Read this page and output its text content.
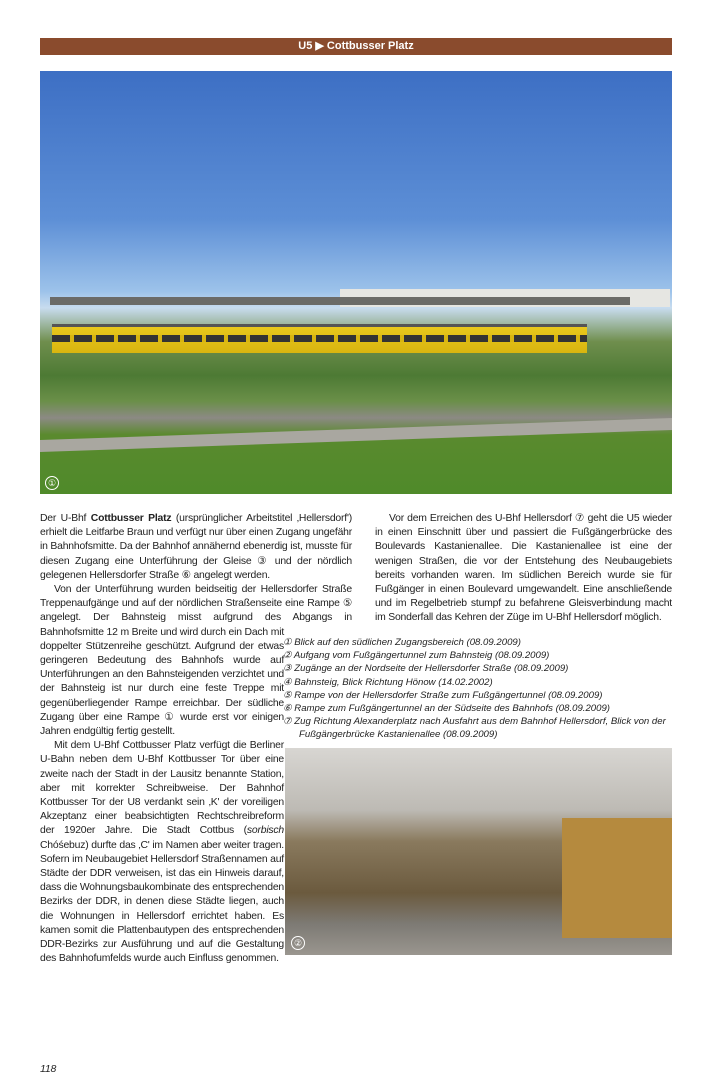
U5 ▶ Cottbusser Platz
①

Der U-Bhf Cottbusser Platz (ursprünglicher Arbeitstitel ‚Hellersdorf') erhielt die Leitfarbe Braun und verfügt nur über einen Zugang ungefähr in Bahnhofsmitte. Da der Bahnhof annähernd ebenerdig ist, musste für diesen Zugang eine Unterführung der Gleise ③ und der nördlich gelegenen Hellersdorfer Straße ⑥ angelegt werden.

Von der Unterführung wurden beidseitig der Hellersdorfer Straße Treppenaufgänge und auf der nördlichen Straßenseite eine Rampe ⑤ angelegt. Der Bahnsteig misst aufgrund des Abgangs in Bahnhofsmitte 12 m Breite und wird durch ein Dach mit doppelter Stützenreihe geschützt. Aufgrund der etwas geringeren Bedeutung des Bahnhofs wurde auf Unterführungen an den Bahnsteigenden verzichtet und der Bahnsteig ist nur durch eine feste Treppe mit gegenüberliegender Rampe erreichbar. Der südliche Zugang über eine Rampe ① wurde erst vor einigen Jahren endgültig fertig gestellt.

Mit dem U-Bhf Cottbusser Platz verfügt die Berliner U-Bahn neben dem U-Bhf Kottbusser Tor über eine zweite nach der Stadt in der Lausitz benannte Station, aber mit korrekter Schreibweise. Der Bahnhof Kottbusser Tor der U8 verdankt sein ‚K' der voreiligen Akzeptanz einer beabsichtigten Rechtschreibreform der 1920er Jahre. Die Stadt Cottbus (sorbisch Chóśebuz) durfte das ‚C' im Namen aber weiter tragen. Sofern im Neubaugebiet Hellersdorf Straßennamen auf Städte der DDR verweisen, ist das ein Hinweis darauf, dass die Wohnungsbaukombinate des entsprechenden Bezirks der DDR, in denen diese Städte liegen, auch die Wohnungen in Hellersdorf errichtet haben. Es kamen somit die Plattenbautypen des entsprechenden DDR-Bezirks zur Ausführung und auf die Gestaltung des Bahnhofumfelds wurde auch Einfluss genommen.

118

Vor dem Erreichen des U-Bhf Hellersdorf ⑦ geht die U5 wieder in einen Einschnitt über und passiert die Fußgängerbrücke des Boulevards Kastanienallee. Die Kastanienallee ist eine der wenigen Straßen, die vor der Entstehung des Neubaugebiets bereits vorhanden waren. Im südlichen Bereich wurde sie für Fußgänger in einen Boulevard umgewandelt. Eine anschließende und im Regelbetrieb stumpf zu befahrene Gleisverbindung macht im Sonderfall das Kehren der Züge im U-Bhf Hellersdorf möglich.

① Blick auf den südlichen Zugangsbereich (08.09.2009)
② Aufgang vom Fußgängertunnel zum Bahnsteig (08.09.2009)
③ Zugänge an der Nordseite der Hellersdorfer Straße (08.09.2009)
④ Bahnsteig, Blick Richtung Hönow (14.02.2002)
⑤ Rampe von der Hellersdorfer Straße zum Fußgängertunnel (08.09.2009)
⑥ Rampe zum Fußgängertunnel an der Südseite des Bahnhofs (08.09.2009)
⑦ Zug Richtung Alexanderplatz nach Ausfahrt aus dem Bahnhof Hellersdorf, Blick von der Fußgängerbrücke Kastanienallee (08.09.2009)
②
